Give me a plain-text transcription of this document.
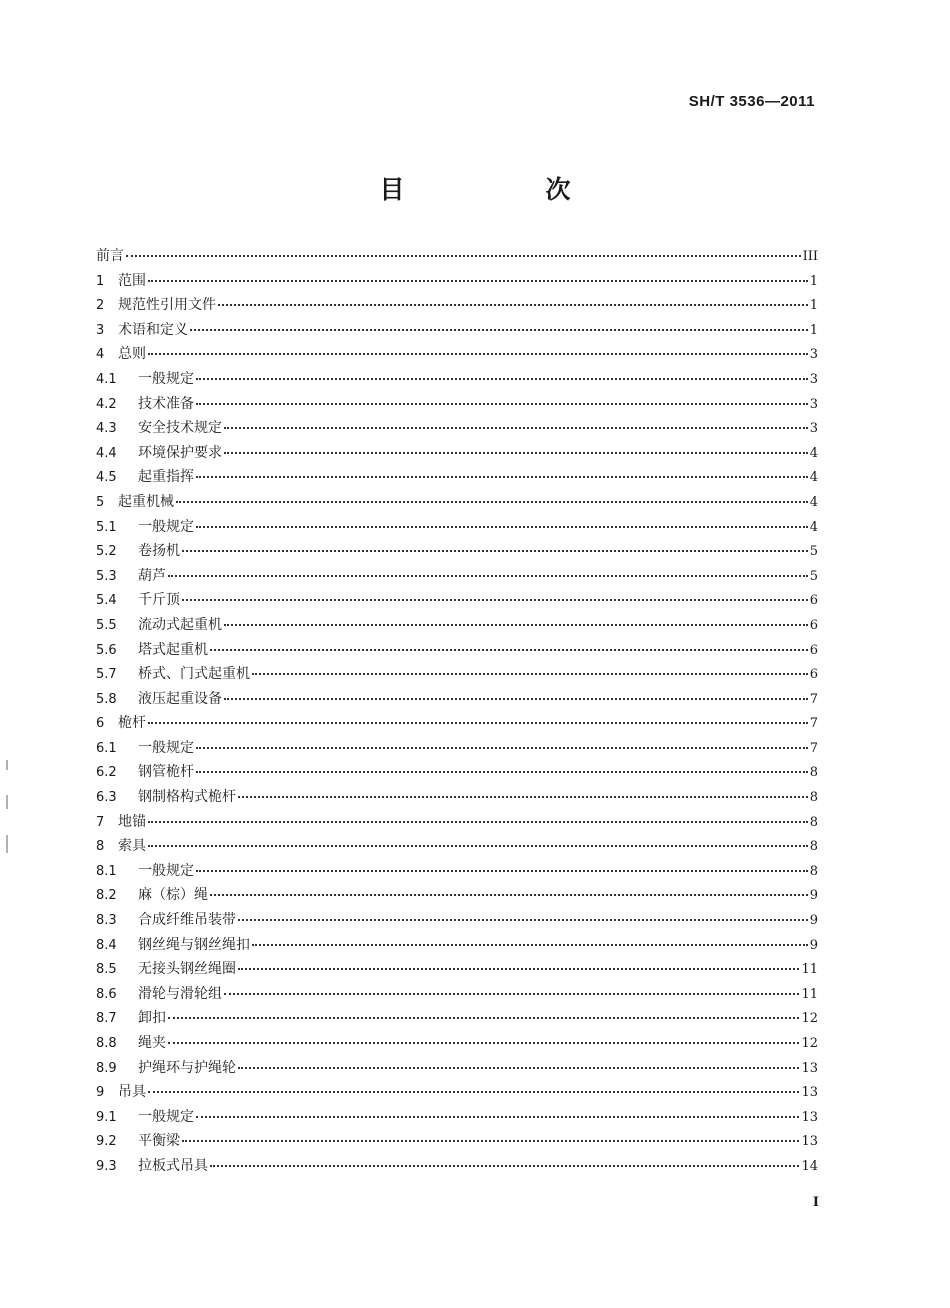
SH/T 3536—2011
目　次
前言	III
1 范围	1
2 规范性引用文件	1
3 术语和定义	1
4 总则	3
4.1	一般规定	3
4.2	技术准备	3
4.3	安全技术规定	3
4.4	环境保护要求	4
4.5	起重指挥	4
5 起重机械	4
5.1	一般规定	4
5.2	卷扬机	5
5.3	葫芦	5
5.4	千斤顶	6
5.5	流动式起重机	6
5.6	塔式起重机	6
5.7	桥式、门式起重机	6
5.8	液压起重设备	7
6 桅杆	7
6.1	一般规定	7
6.2	钢管桅杆	8
6.3	钢制格构式桅杆	8
7 地锚	8
8 索具	8
8.1	一般规定	8
8.2	麻（棕）绳	9
8.3	合成纤维吊装带	9
8.4	钢丝绳与钢丝绳扣	9
8.5	无接头钢丝绳圈	11
8.6	滑轮与滑轮组	11
8.7	卸扣	12
8.8	绳夹	12
8.9	护绳环与护绳轮	13
9 吊具	13
9.1	一般规定	13
9.2	平衡梁	13
9.3	拉板式吊具	14
I
